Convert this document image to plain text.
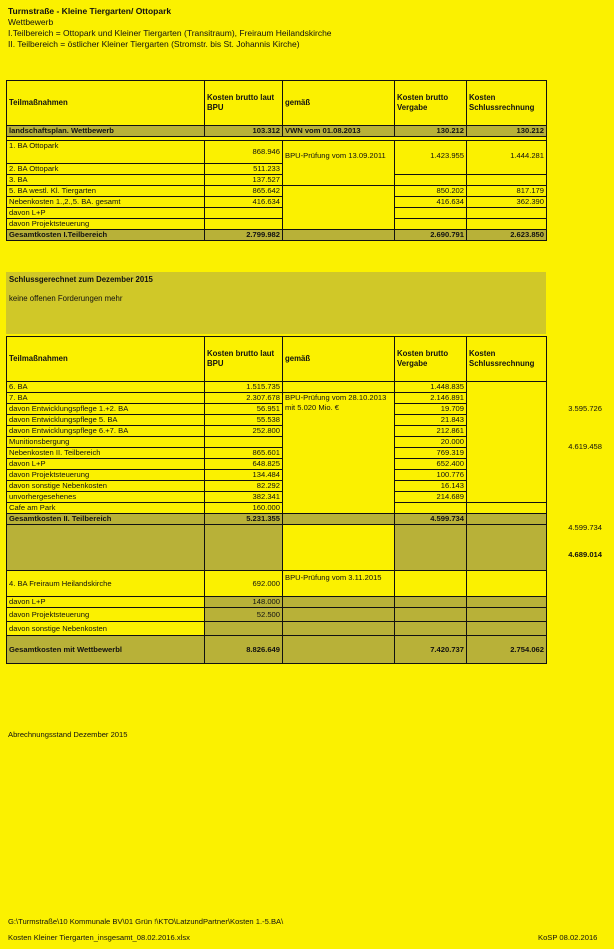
Turmstraße - Kleine Tiergarten/ Ottopark
Wettbewerb
I.Teilbereich = Ottopark und Kleiner Tiergarten (Transitraum), Freiraum Heilandskirche
II. Teilbereich = östlicher Kleiner Tiergarten (Stromstr. bis St. Johannis Kirche)
Teilmaßnahmen	Kosten brutto laut BPU	gemäß	Kosten brutto Vergabe	Kosten Schlussrechnung
landschaftsplan. Wettbewerb	103.312	VWN vom 01.08.2013	130.212	130.212

1. BA Ottopark	868.946	BPU-Prüfung vom 13.09.2011	1.423.955	1.444.281
2. BA Ottopark	511.233			
3. BA	137.527			
5. BA westl. Kl. Tiergarten	865.642		850.202	817.179
Nebenkosten 1.,2.,5. BA. gesamt	416.634		416.634	362.390
davon L+P				
davon Projektsteuerung				
Gesamtkosten I.Teilbereich	2.799.982		2.690.791	2.623.850
Schlussgerechnet zum Dezember 2015
keine offenen Forderungen mehr
Teilmaßnahmen	Kosten brutto laut BPU	gemäß	Kosten brutto Vergabe	Kosten Schlussrechnung
6. BA	1.515.735		1.448.835	
7. BA	2.307.678	BPU-Prüfung vom 28.10.2013 mit 5.020 Mio. €	2.146.891	
davon Entwicklungspflege 1.+2. BA	56.951		19.709	
davon Entwicklungspflege 5. BA	55.538		21.843	
davon Entwicklungspflege 6.+7. BA	252.800		212.861	
Munitionsbergung			20.000	
Nebenkosten II. Teilbereich	865.601		769.319	
davon L+P	648.825		652.400	
davon Projektsteuerung	134.484		100.776	
davon sonstige Nebenkosten	82.292		16.143	
unvorhergesehenes	382.341		214.689	
Cafe am Park	160.000			
Gesamtkosten II. Teilbereich	5.231.355		4.599.734	

4. BA Freiraum Heilandskirche	692.000	BPU-Prüfung vom 3.11.2015		
davon L+P	148.000			
davon Projektsteuerung	52.500			
davon sonstige Nebenkosten				
Gesamtkosten mit Wettbewerbl	8.826.649		7.420.737	2.754.062
3.595.726
4.619.458
4.599.734
4.689.014
Abrechnungsstand Dezember 2015
G:\Turmstraße\10 Kommunale BV\01 Grün !\KTO\LatzundPartner\Kosten 1.-5.BA\
Kosten Kleiner Tiergarten_insgesamt_08.02.2016.xlsx	KoSP 08.02.2016
